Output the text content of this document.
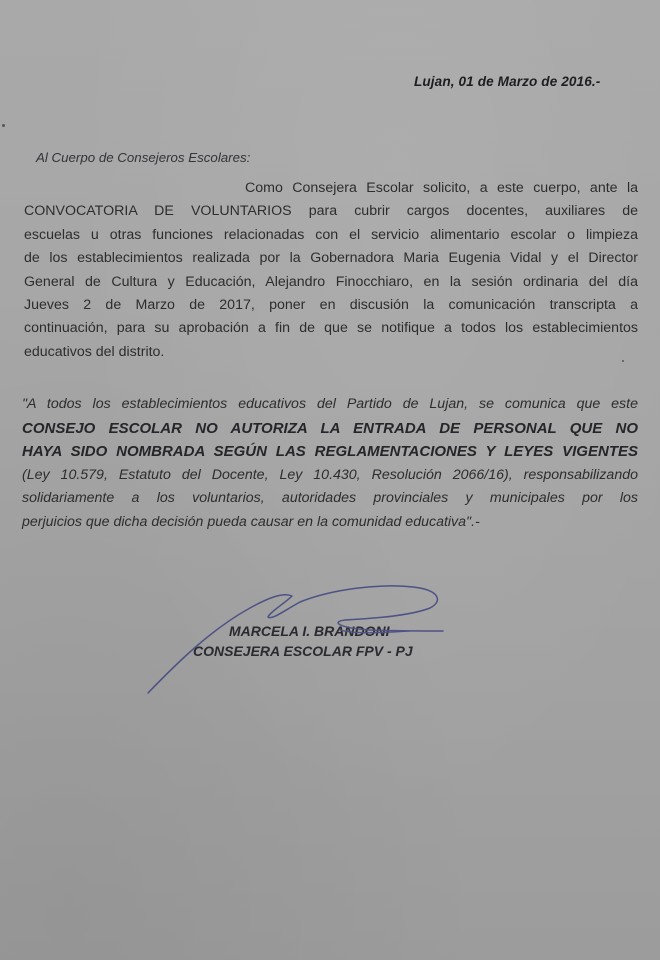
Lujan, 01 de Marzo de 2016.-
Al Cuerpo de Consejeros Escolares:
Como Consejera Escolar solicito, a este cuerpo, ante la
CONVOCATORIA DE VOLUNTARIOS para cubrir cargos docentes, auxiliares de
escuelas u otras funciones relacionadas con el servicio alimentario escolar o limpieza
de los establecimientos realizada por la Gobernadora Maria Eugenia Vidal y el Director
General de Cultura y Educación, Alejandro Finocchiaro, en la sesión ordinaria del día
Jueves 2 de Marzo de 2017, poner en discusión la comunicación transcripta a
continuación, para su aprobación a fin de que se notifique a todos los establecimientos
educativos del distrito.
"A todos los establecimientos educativos del Partido de Lujan, se comunica que este
CONSEJO ESCOLAR NO AUTORIZA LA ENTRADA DE PERSONAL QUE NO
HAYA SIDO NOMBRADA SEGÚN LAS REGLAMENTACIONES Y LEYES VIGENTES
(Ley 10.579, Estatuto del Docente, Ley 10.430, Resolución 2066/16), responsabilizando
solidariamente a los voluntarios, autoridades provinciales y municipales por los
perjuicios que dicha decisión pueda causar en la comunidad educativa".-
MARCELA I. BRANDONI
CONSEJERA ESCOLAR FPV - PJ
